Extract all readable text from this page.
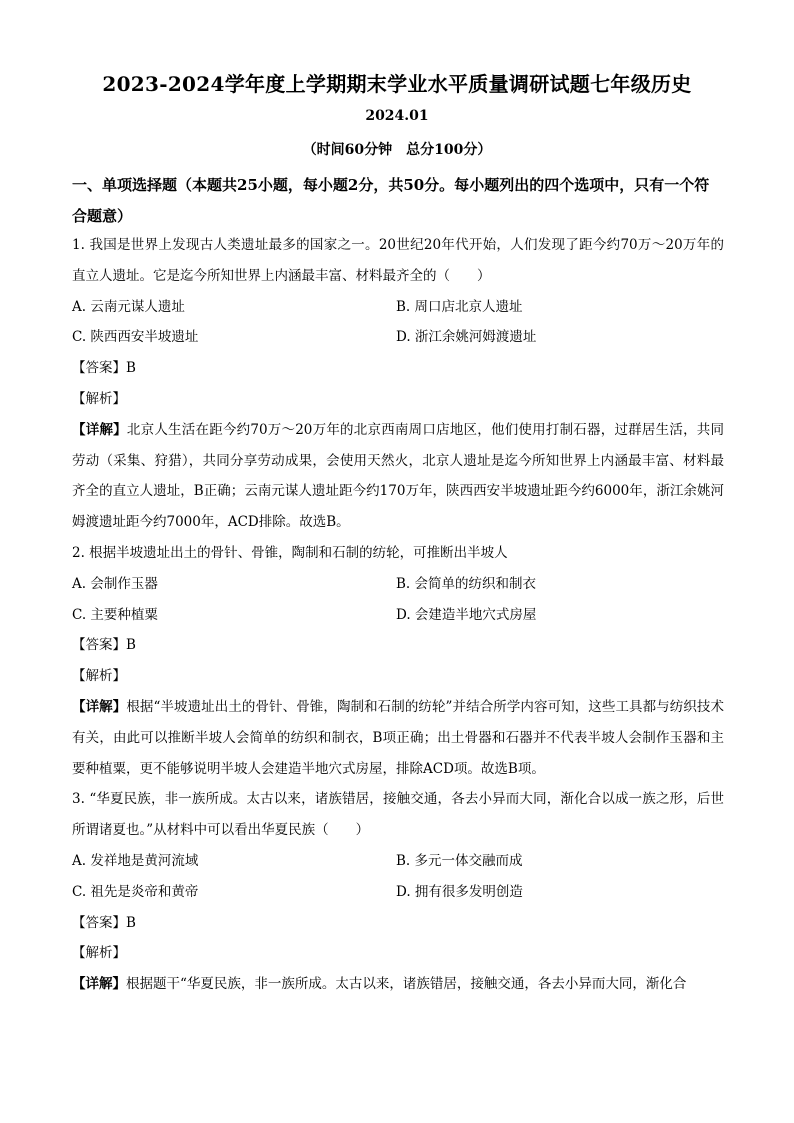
2023-2024学年度上学期期末学业水平质量调研试题七年级历史
2024.01
（时间60分钟　总分100分）
一、单项选择题（本题共25小题，每小题2分，共50分。每小题列出的四个选项中，只有一个符合题意）
1. 我国是世界上发现古人类遗址最多的国家之一。20世纪20年代开始，人们发现了距今约70万～20万年的直立人遗址。它是迄今所知世界上内涵最丰富、材料最齐全的（　　）
A. 云南元谋人遗址	B. 周口店北京人遗址
C. 陕西西安半坡遗址	D. 浙江余姚河姆渡遗址
【答案】B
【解析】
【详解】北京人生活在距今约70万～20万年的北京西南周口店地区，他们使用打制石器，过群居生活，共同劳动（采集、狩猎），共同分享劳动成果，会使用天然火，北京人遗址是迄今所知世界上内涵最丰富、材料最齐全的直立人遗址，B正确；云南元谋人遗址距今约170万年，陕西西安半坡遗址距今约6000年，浙江余姚河姆渡遗址距今约7000年，ACD排除。故选B。
2. 根据半坡遗址出土的骨针、骨锥，陶制和石制的纺轮，可推断出半坡人
A. 会制作玉器	B. 会简单的纺织和制衣
C. 主要种植粟	D. 会建造半地穴式房屋
【答案】B
【解析】
【详解】根据“半坡遗址出土的骨针、骨锥，陶制和石制的纺轮”并结合所学内容可知，这些工具都与纺织技术有关，由此可以推断半坡人会简单的纺织和制衣，B项正确；出土骨器和石器并不代表半坡人会制作玉器和主要种植粟，更不能够说明半坡人会建造半地穴式房屋，排除ACD项。故选B项。
3. “华夏民族，非一族所成。太古以来，诸族错居，接触交通，各去小异而大同，渐化合以成一族之形，后世所谓诸夏也。”从材料中可以看出华夏民族（　　）
A. 发祥地是黄河流域	B. 多元一体交融而成
C. 祖先是炎帝和黄帝	D. 拥有很多发明创造
【答案】B
【解析】
【详解】根据题干“华夏民族，非一族所成。太古以来，诸族错居，接触交通，各去小异而大同，渐化合
